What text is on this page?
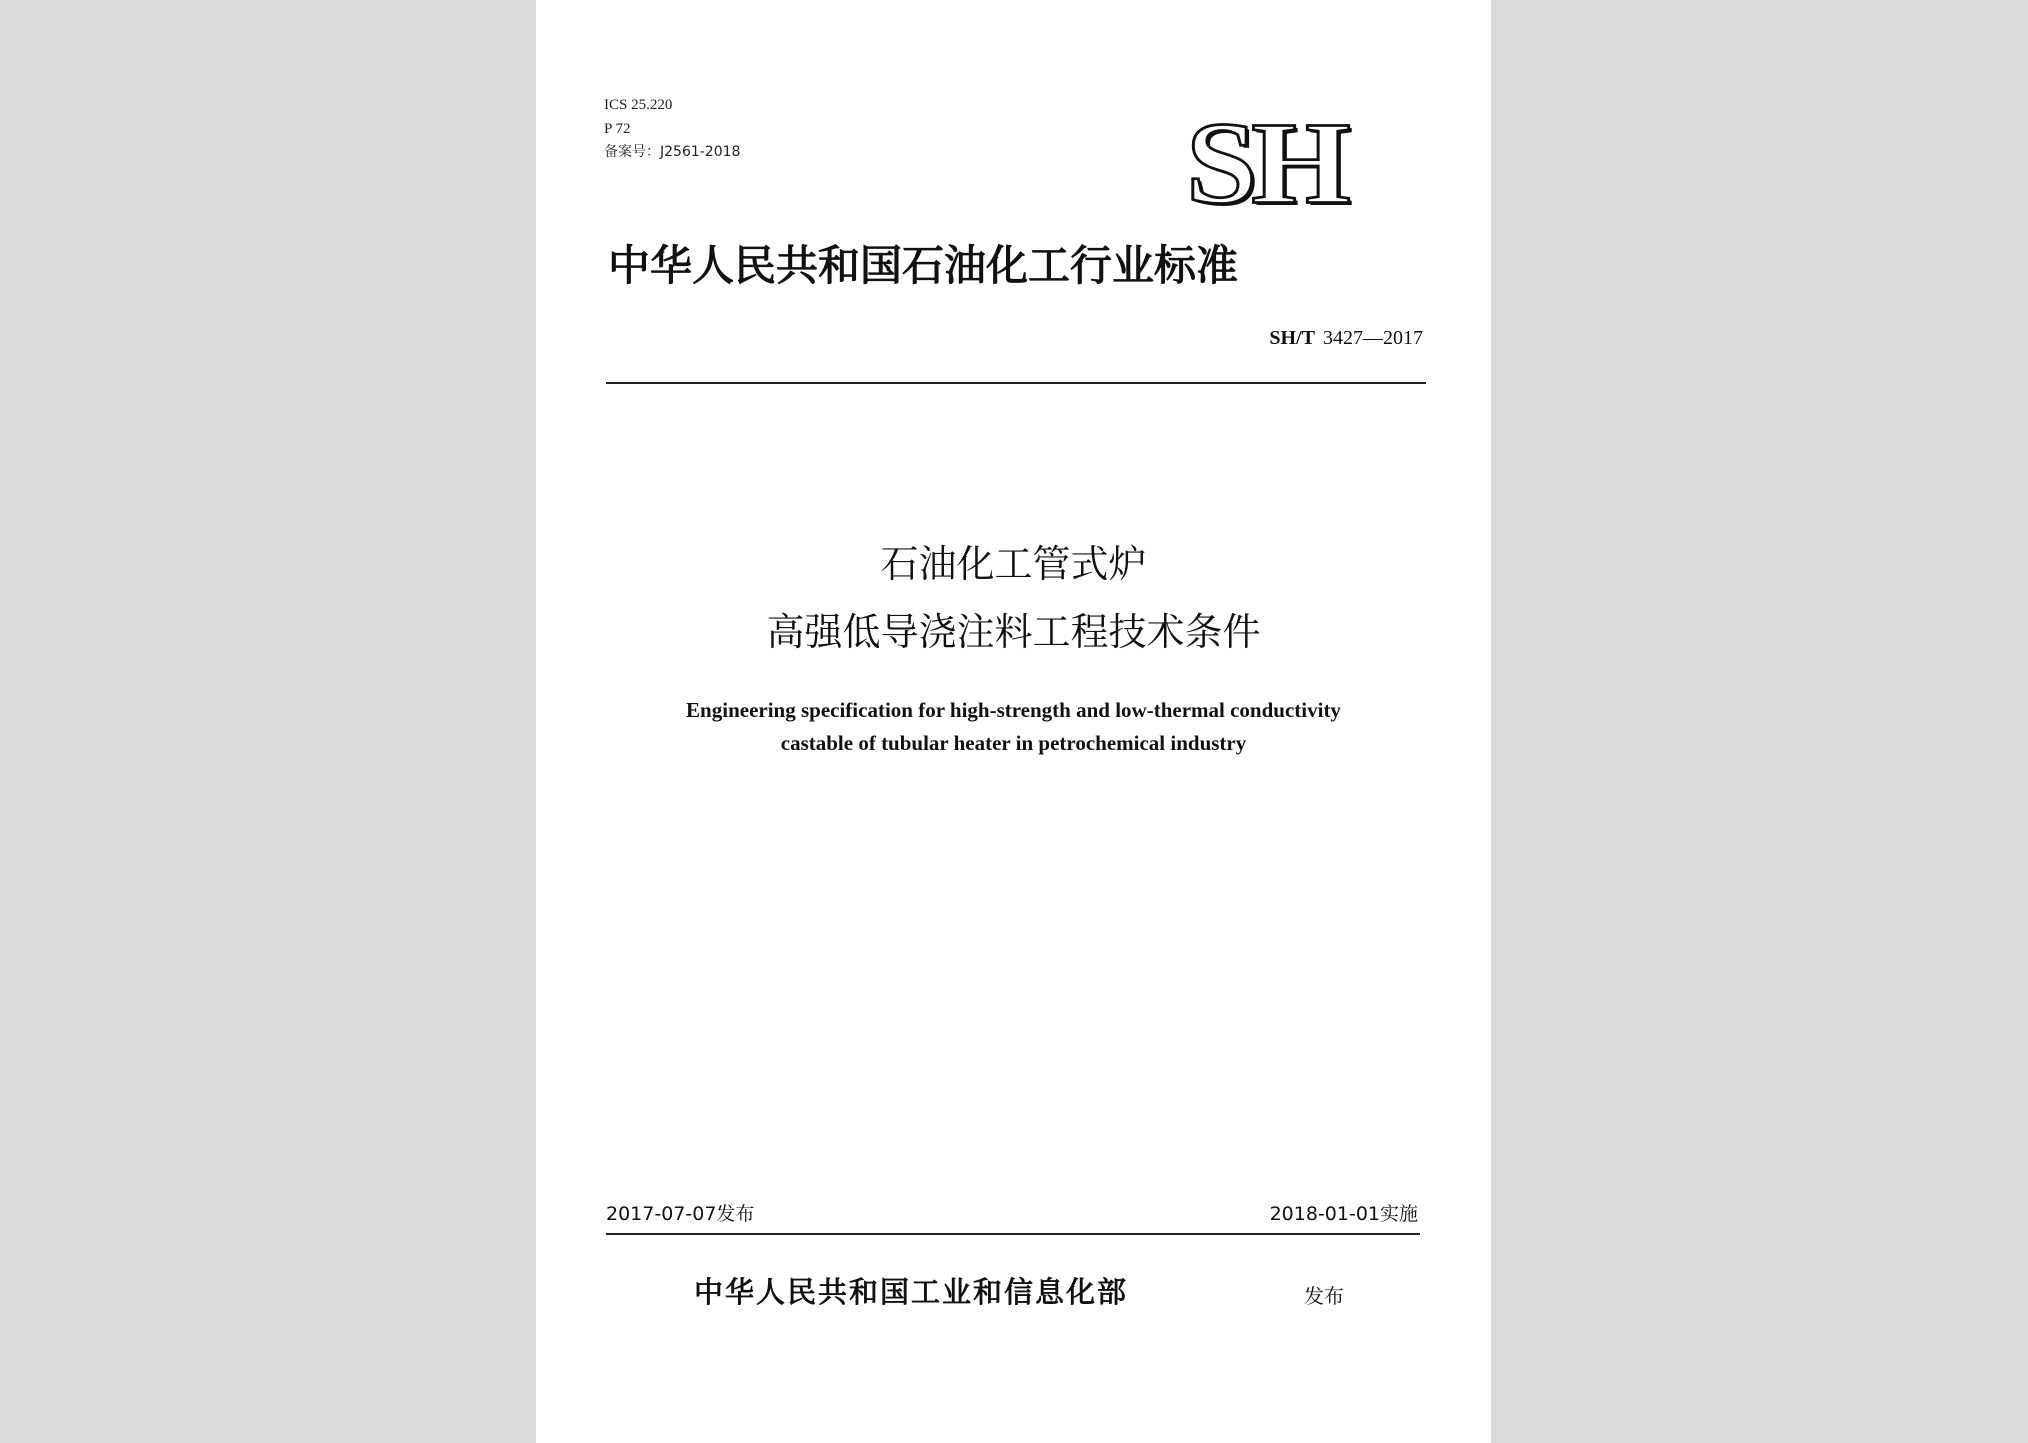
ICS 25.220
P 72
备案号：J2561-2018	SH
中华人民共和国石油化工行业标准
SH/T 3427—2017
石油化工管式炉
高强低导浇注料工程技术条件
Engineering specification for high-strength and low-thermal conductivity
castable of tubular heater in petrochemical industry
2017-07-07发布	2018-01-01实施
中华人民共和国工业和信息化部	发布
